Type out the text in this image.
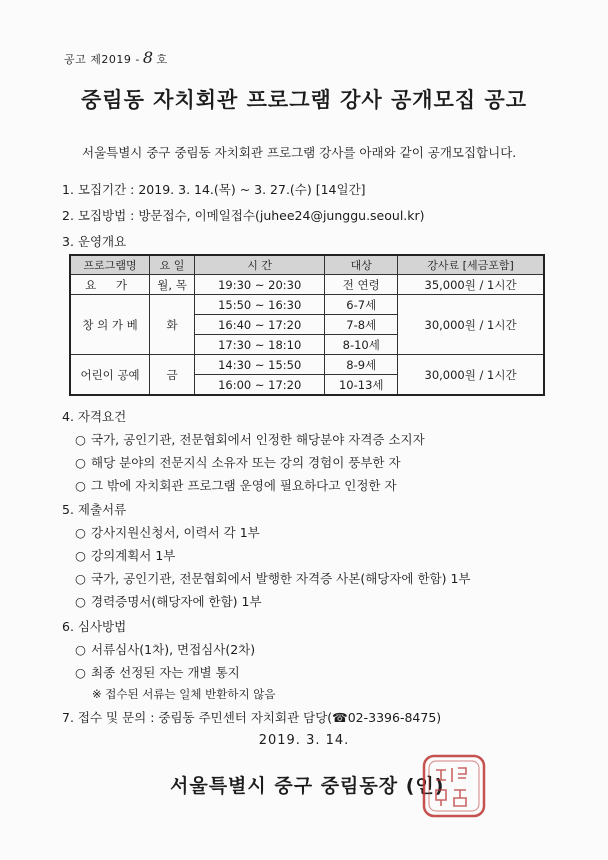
공고 제2019 - 8 호
중림동 자치회관 프로그램 강사 공개모집 공고
서울특별시 중구 중림동 자치회관 프로그램 강사를 아래와 같이 공개모집합니다.
1. 모집기간 : 2019. 3. 14.(목) ~ 3. 27.(수) [14일간]
2. 모집방법 : 방문접수, 이메일접수(juhee24@junggu.seoul.kr)
3. 운영개요
프로그램명	요 일	시 간	대상	강사료 [세금포함]
요 가	월, 목	19:30 ~ 20:30	전 연령	35,000원 / 1시간
창 의 가 베	화	15:50 ~ 16:30	6-7세	30,000원 / 1시간
		16:40 ~ 17:20	7-8세	
		17:30 ~ 18:10	8-10세	
어린이 공예	금	14:30 ~ 15:50	8-9세	30,000원 / 1시간
		16:00 ~ 17:20	10-13세	
4. 자격요건
○ 국가, 공인기관, 전문협회에서 인정한 해당분야 자격증 소지자
○ 해당 분야의 전문지식 소유자 또는 강의 경험이 풍부한 자
○ 그 밖에 자치회관 프로그램 운영에 필요하다고 인정한 자
5. 제출서류
○ 강사지원신청서, 이력서 각 1부
○ 강의계획서 1부
○ 국가, 공인기관, 전문협회에서 발행한 자격증 사본(해당자에 한함) 1부
○ 경력증명서(해당자에 한함) 1부
6. 심사방법
○ 서류심사(1차), 면접심사(2차)
○ 최종 선정된 자는 개별 통지
※ 접수된 서류는 일체 반환하지 않음
7. 접수 및 문의 : 중림동 주민센터 자치회관 담당(☎02-3396-8475)
2019. 3. 14.
서울특별시 중구 중림동장 (인)
